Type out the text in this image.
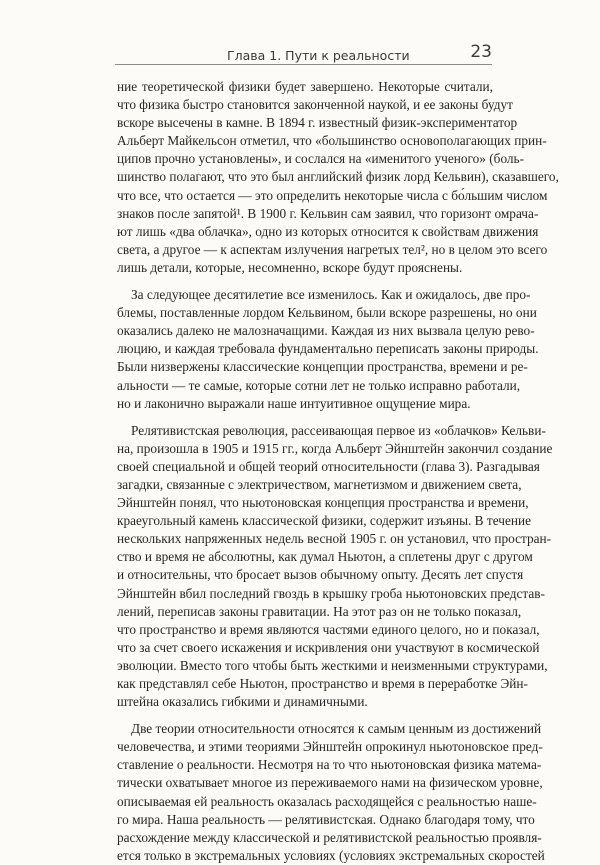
Глава 1. Пути к реальности	23
ние теоретической физики будет завершено. Некоторые считали,
что физика быстро становится законченной наукой, и ее законы будут
вскоре высечены в камне. В 1894 г. известный физик-экспериментатор
Альберт Майкельсон отметил, что «большинство основополагающих прин-
ципов прочно установлены», и сослался на «именитого ученого» (боль-
шинство полагают, что это был английский физик лорд Кельвин), сказавшего,
что все, что остается — это определить некоторые числа с бо́льшим числом
знаков после запятой¹. В 1900 г. Кельвин сам заявил, что горизонт омрача-
ют лишь «два облачка», одно из которых относится к свойствам движения
света, а другое — к аспектам излучения нагретых тел², но в целом это всего
лишь детали, которые, несомненно, вскоре будут прояснены.
За следующее десятилетие все изменилось. Как и ожидалось, две про-
блемы, поставленные лордом Кельвином, были вскоре разрешены, но они
оказались далеко не малозначащими. Каждая из них вызвала целую рево-
люцию, и каждая требовала фундаментально переписать законы природы.
Были низвержены классические концепции пространства, времени и ре-
альности — те самые, которые сотни лет не только исправно работали,
но и лаконично выражали наше интуитивное ощущение мира.
Релятивистская революция, рассеивающая первое из «облачков» Кельви-
на, произошла в 1905 и 1915 гг., когда Альберт Эйнштейн закончил создание
своей специальной и общей теорий относительности (глава 3). Разгадывая
загадки, связанные с электричеством, магнетизмом и движением света,
Эйнштейн понял, что ньютоновская концепция пространства и времени,
краеугольный камень классической физики, содержит изъяны. В течение
нескольких напряженных недель весной 1905 г. он установил, что простран-
ство и время не абсолютны, как думал Ньютон, а сплетены друг с другом
и относительны, что бросает вызов обычному опыту. Десять лет спустя
Эйнштейн вбил последний гвоздь в крышку гроба ньютоновских представ-
лений, переписав законы гравитации. На этот раз он не только показал,
что пространство и время являются частями единого целого, но и показал,
что за счет своего искажения и искривления они участвуют в космической
эволюции. Вместо того чтобы быть жесткими и неизменными структурами,
как представлял себе Ньютон, пространство и время в переработке Эйн-
штейна оказались гибкими и динамичными.
Две теории относительности относятся к самым ценным из достижений
человечества, и этими теориями Эйнштейн опрокинул ньютоновское пред-
ставление о реальности. Несмотря на то что ньютоновская физика матема-
тически охватывает многое из переживаемого нами на физическом уровне,
описываемая ей реальность оказалась расходящейся с реальностью наше-
го мира. Наша реальность — релятивистская. Однако благодаря тому, что
расхождение между классической и релятивистской реальностью проявля-
ется только в экстремальных условиях (условиях экстремальных скоростей
